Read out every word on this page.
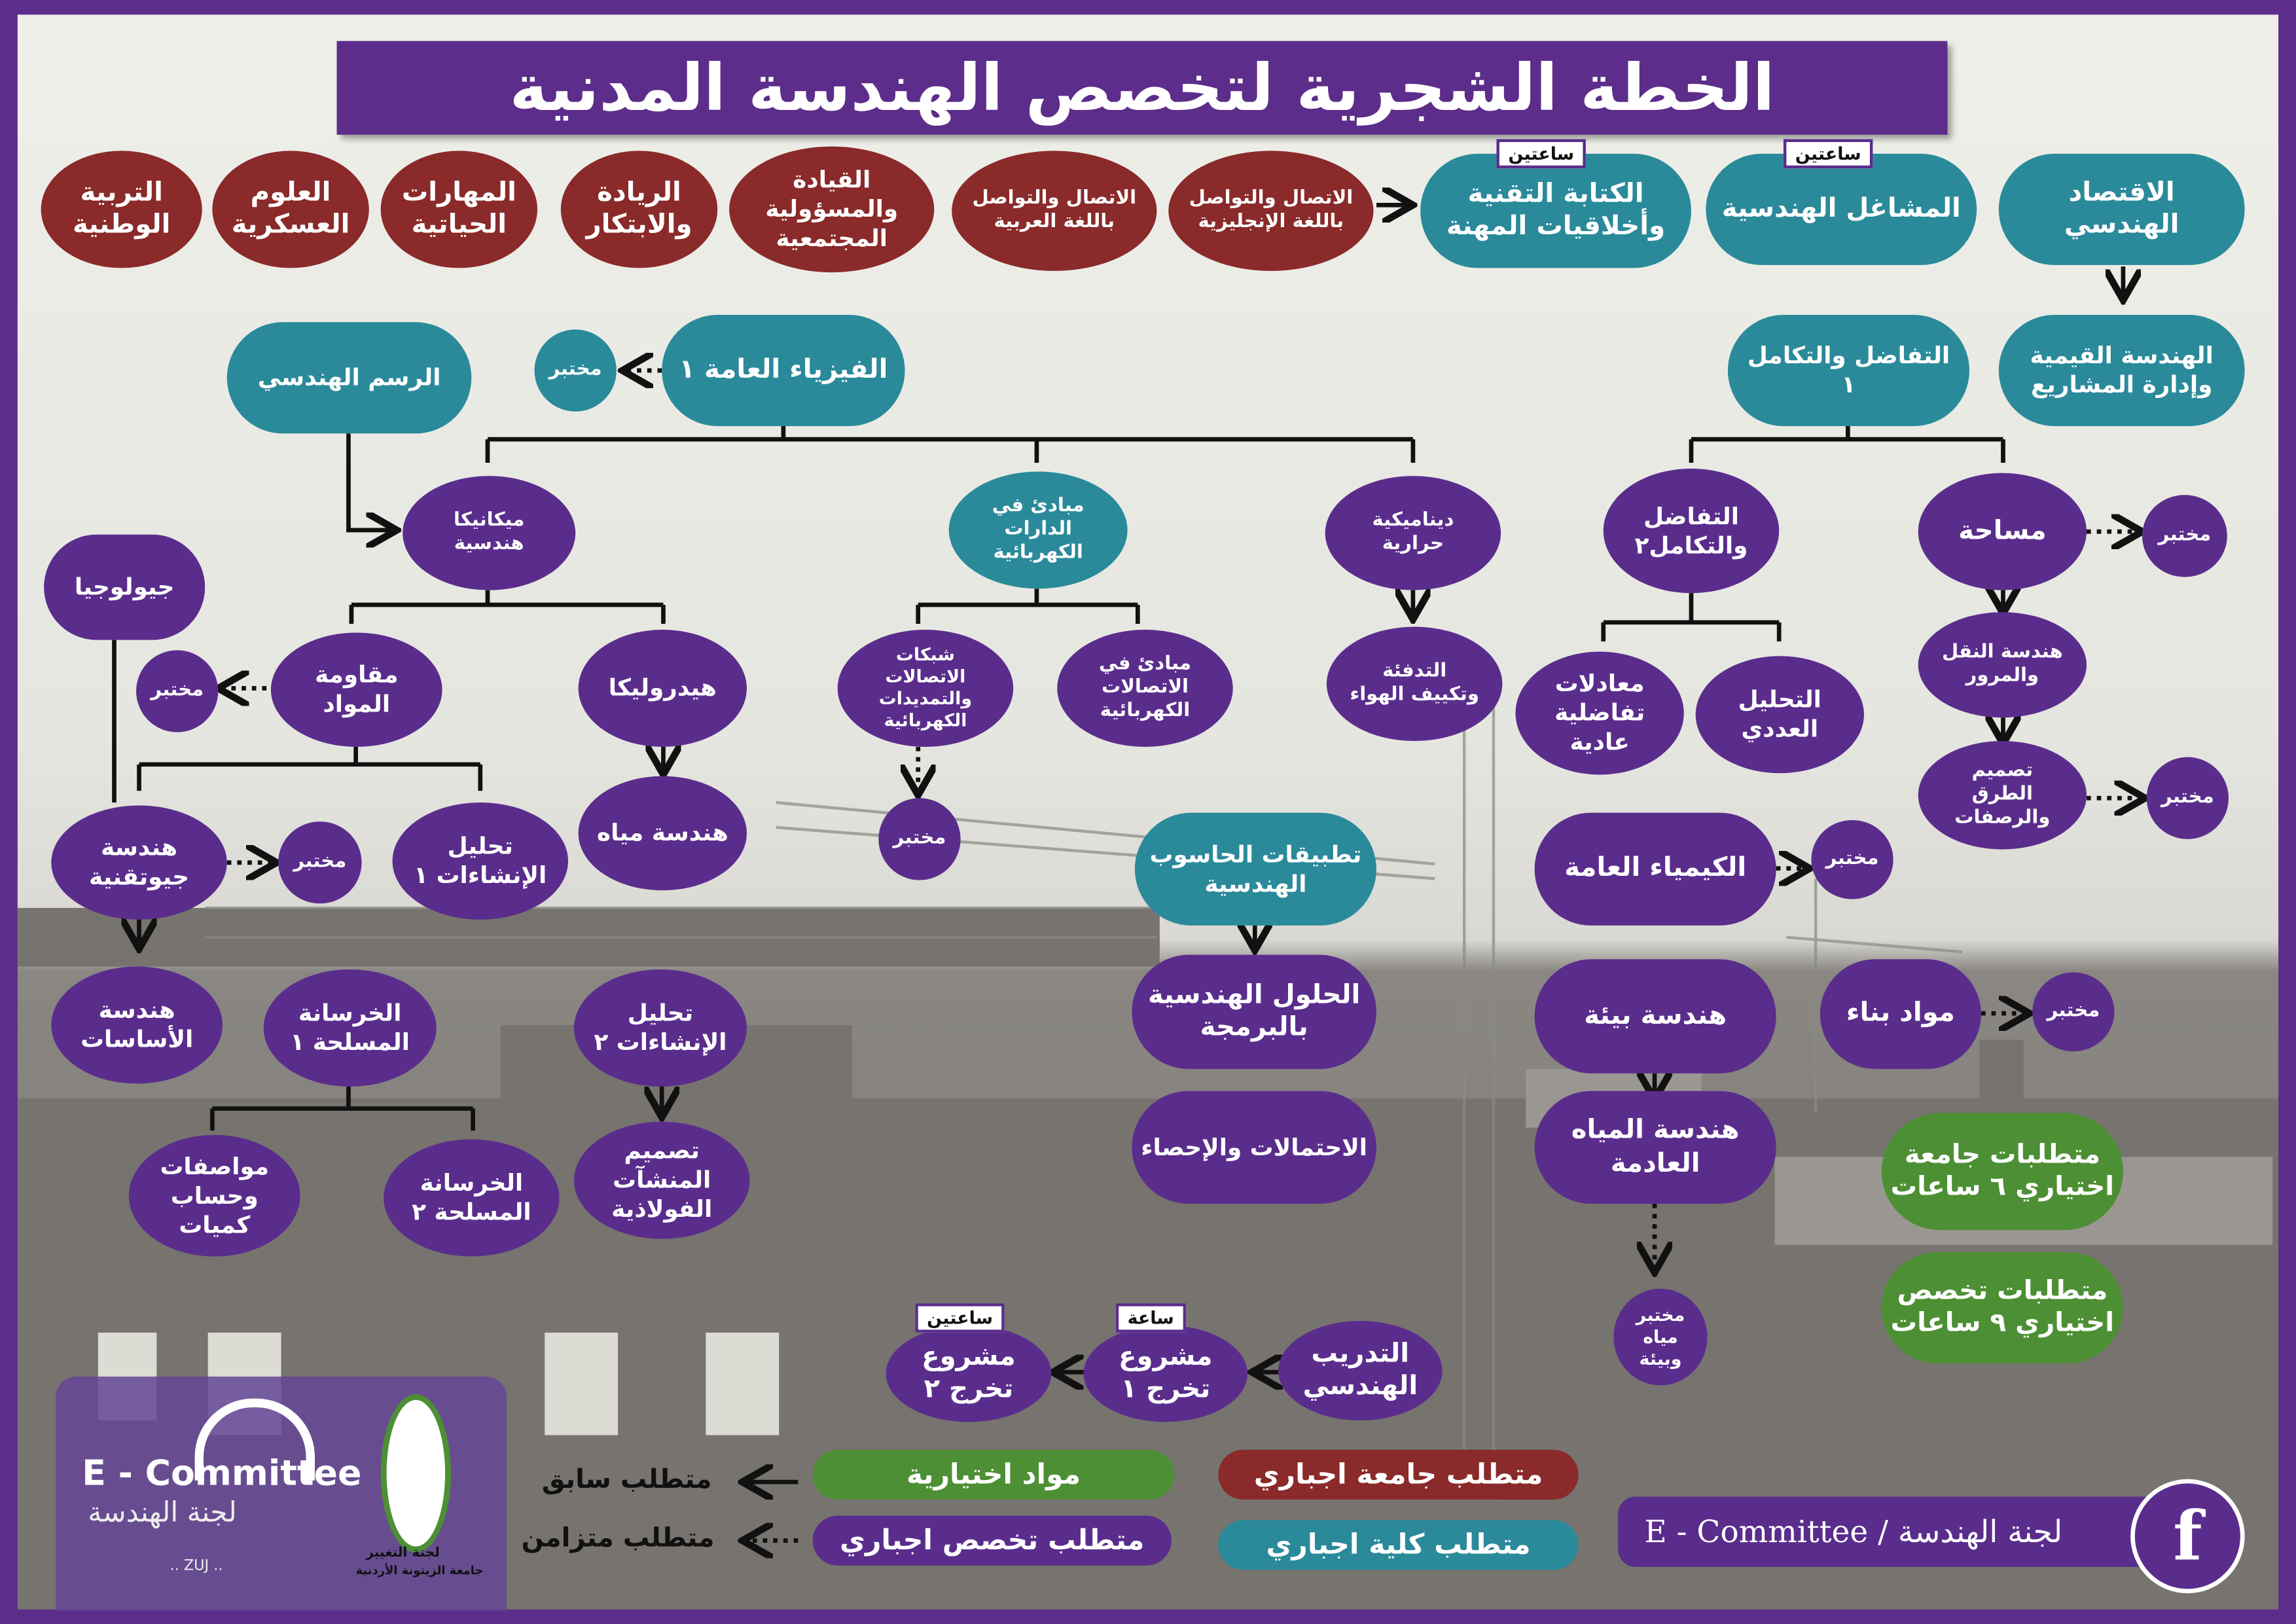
الخطة الشجرية لتخصص الهندسة المدنية
التربية
الوطنية
العلوم
العسكرية
المهارات
الحياتية
الريادة
والابتكار
القيادة
والمسؤولية
المجتمعية
الاتصال والتواصل
باللغة العربية
الاتصال والتواصل
باللغة الإنجليزية
الكتابة التقنية
وأخلاقيات المهنة
ساعتين
المشاغل الهندسية
ساعتين
الاقتصاد الهندسي
الهندسة القيمية
وإدارة المشاريع
التفاضل والتكامل ١
الفيزياء العامة ١
مختبر
الرسم الهندسي
مساحة	مختبر
التفاضل
والتكامل٢
ديناميكية
حرارية
مبادئ في
الدارات
الكهربائية
ميكانيكا
هندسية
جيولوجيا
هندسة النقل
والمرور
تصميم
الطرق
والرصفات
مختبر
التحليل
العددي
معادلات
تفاضلية
عادية
التدفئة
وتكييف الهواء
مبادئ في
الاتصالات
الكهربائية
شبكات
الاتصالات
والتمديدات
الكهربائية
مختبر
هيدروليكا
مقاومة المواد
مختبر
هندسة
جيوتقنية
مختبر
تحليل
الإنشاءات ١
هندسة مياه
تطبيقات الحاسوب
الهندسية	الكيمياء العامة	مختبر
هندسة
الأساسات
الخرسانة
المسلحة ١
تحليل
الإنشاءات ٢
الحلول الهندسية
بالبرمجة	هندسة بيئة	مواد بناء	مختبر
مواصفات
وحساب
كميات
الخرسانة
المسلحة ٢
تصميم
المنشآت
الفولاذية
الاحتمالات والإحصاء
هندسة المياه
العادمة	متطلبات جامعة
اختياري ٦ ساعات
متطلبات تخصص
اختياري ٩ ساعات
مختبر
مياه
وبيئة
التدريب
الهندسي
مشروع
تخرج ١
ساعة
مشروع
تخرج ٢
ساعتين
مواد اختيارية	متطلب جامعة اجباري
متطلب تخصص اجباري	متطلب كلية اجباري
متطلب سابق
متطلب متزامن
E - Committee
لجنة الهندسة
.. ZUJ ..
لجنة التغيير
جامعة الزيتونة الأردنية
E - Committee / لجنة الهندسة	f
